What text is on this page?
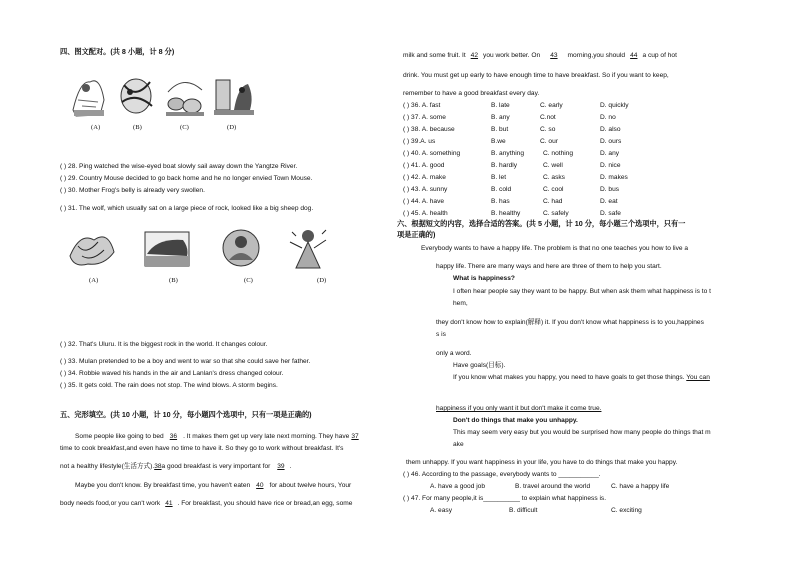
四、图文配对。(共 8 小题，计 8 分)
(A)	(B)	(C)	(D)
( ) 28. Ping watched the wise-eyed boat slowly sail away down the Yangtze River.
( ) 29. Country Mouse decided to go back home and he no longer envied Town Mouse.
( ) 30. Mother Frog's belly is already very swollen.
( ) 31. The wolf, which usually sat on a large piece of rock, looked like a big sheep dog.
(A)	(B)	(C)	(D)
( ) 32. That's Uluru. It is the biggest rock in the world. It changes colour.
( ) 33. Mulan pretended to be a boy and went to war so that she could save her father.
( ) 34. Robbie waved his hands in the air and Lanlan's dress changed colour.
( ) 35. It gets cold. The rain does not stop. The wind blows. A storm begins.
五、完形填空。(共 10 小题，计 10 分，每小题四个选项中，只有一项是正确的)
Some people like going to bed 36 . It makes them get up very late next morning. They have 37
time to cook breakfast,and even have no time to have it. So they go to work without breakfast. It's
not a healthy lifestyle(生活方式).38a good breakfast is very important for 39 .
Maybe you don't know. By breakfast time, you haven't eaten 40 for about twelve hours, Your
body needs food,or you can't work 41 . For breakfast, you should have rice or bread,an egg, some
milk and some fruit. It 42 you work better. On 43 morning,you should 44 a cup of hot
drink. You must get up early to have enough time to have breakfast. So if you want to keep,
remember to have a good breakfast every day.
( ) 36. A. fast	B. late	C. early	D. quickly
( ) 37. A. some	B. any	C.not	D. no
( ) 38. A. because	B. but	C. so	D. also
( ) 39.A. us	B.we	C. our	D. ours
( ) 40. A. something	B. anything	C. nothing	D. any
( ) 41. A. good	B. hardly	C. well	D. nice
( ) 42. A. make	B. let	C. asks	D. makes
( ) 43. A. sunny	B. cold	C. cool	D. bus
( ) 44. A. have	B. has	C. had	D. eat
( ) 45. A. health	B. healthy	C. safely	D. safe
六、根据短文的内容，选择合适的答案。(共 5 小题，计 10 分，每小题三个选项中，只有一
项是正确的)
Everybody wants to have a happy life. The problem is that no one teaches you how to live a
happy life. There are many ways and here are three of them to help you start.
What is happiness?
I often hear people say they want to be happy. But when ask them what happiness is to t
hem,
they don't know how to explain(解释) it. If you don't know what happiness is to you,happines
s is
only a word.
Have goals(目标).
If you know what makes you happy, you need to have goals to get those things. You can
happiness if you only want it but don't make it come true.
Don't do things that make you unhappy.
This may seem very easy but you would be surprised how many people do things that m
ake
them unhappy. If you want happiness in your life, you have to do things that make you happy.
( ) 46. According to the passage, everybody wants to ___________.
A. have a good job	B. travel around the world	C. have a happy life
( ) 47. For many people,it is__________ to explain what happiness is.
A. easy	B. difficult	C. exciting
